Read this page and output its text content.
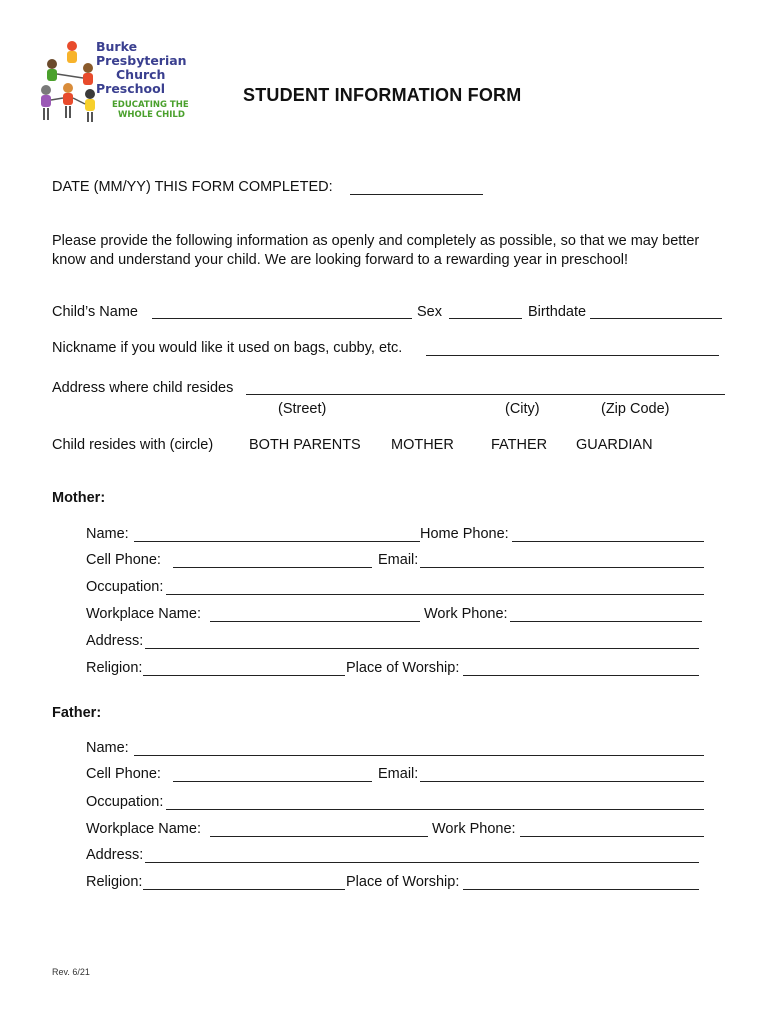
Burke
Presbyterian
Church
Preschool
EDUCATING THE
WHOLE CHILD
STUDENT INFORMATION FORM
DATE (MM/YY) THIS FORM COMPLETED:
Please provide the following information as openly and completely as possible, so that we may better
know and understand your child. We are looking forward to a rewarding year in preschool!
Child’s Name	Sex	Birthdate
Nickname if you would like it used on bags, cubby, etc.
Address where child resides
(Street)	(City)	(Zip Code)
Child resides with (circle) BOTH PARENTS MOTHER	FATHER GUARDIAN
Mother:
Name:	Home Phone:
Cell Phone:	Email:
Occupation:
Workplace Name:	Work Phone:
Address:
Religion:	Place of Worship:
Father:
Name:
Cell Phone:	Email:
Occupation:
Workplace Name:	Work Phone:
Address:
Religion:	Place of Worship:
Rev. 6/21
